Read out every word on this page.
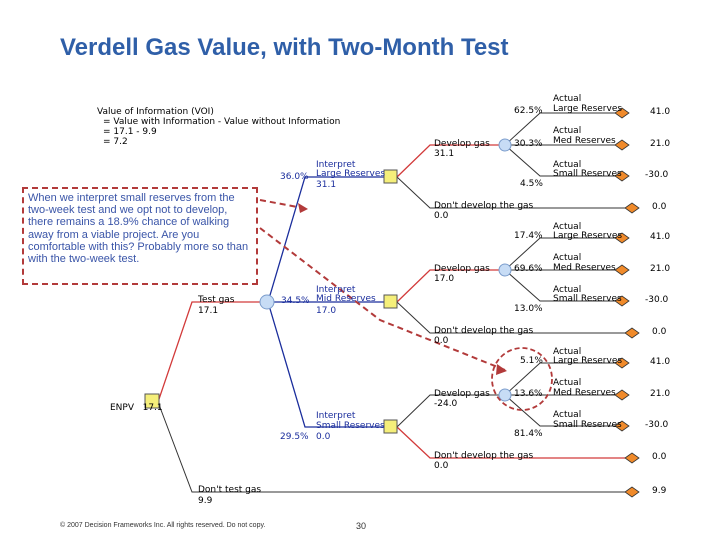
Verdell Gas Value, with Two-Month Test
Value of Information (VOI)
= Value with Information - Value without Information
= 17.1 - 9.9
= 7.2
ENPV 17.1
Test gas
17.1
Don't test gas
9.9
9.9
36.0%
Interpret
Large Reserves
31.1
34.5%
Interpret
Mid Reserves
17.0
29.5%
Interpret
Small Reserves
0.0
Develop gas
31.1
Don't develop the gas
0.0
0.0
Develop gas
17.0
Don't develop the gas
0.0
0.0
Develop gas
-24.0
Don't develop the gas
0.0
0.0
62.5%
30.3%
4.5%
17.4%
69.6%
13.0%
5.1%
13.6%
81.4%
Actual
Large Reserves
Actual
Med Reserves
Actual
Small Reserves
Actual
Large Reserves
Actual
Med Reserves
Actual
Small Reserves
Actual
Large Reserves
Actual
Med Reserves
Actual
Small Reserves
41.0
21.0
-30.0
41.0
21.0
-30.0
41.0
21.0
-30.0
When we interpret small reserves from the two-week test and we opt not to develop, there remains a 18.9% chance of walking away from a viable project. Are you comfortable with this? Probably more so than with the two-week test.
© 2007 Decision Frameworks Inc. All rights reserved. Do not copy.	30
